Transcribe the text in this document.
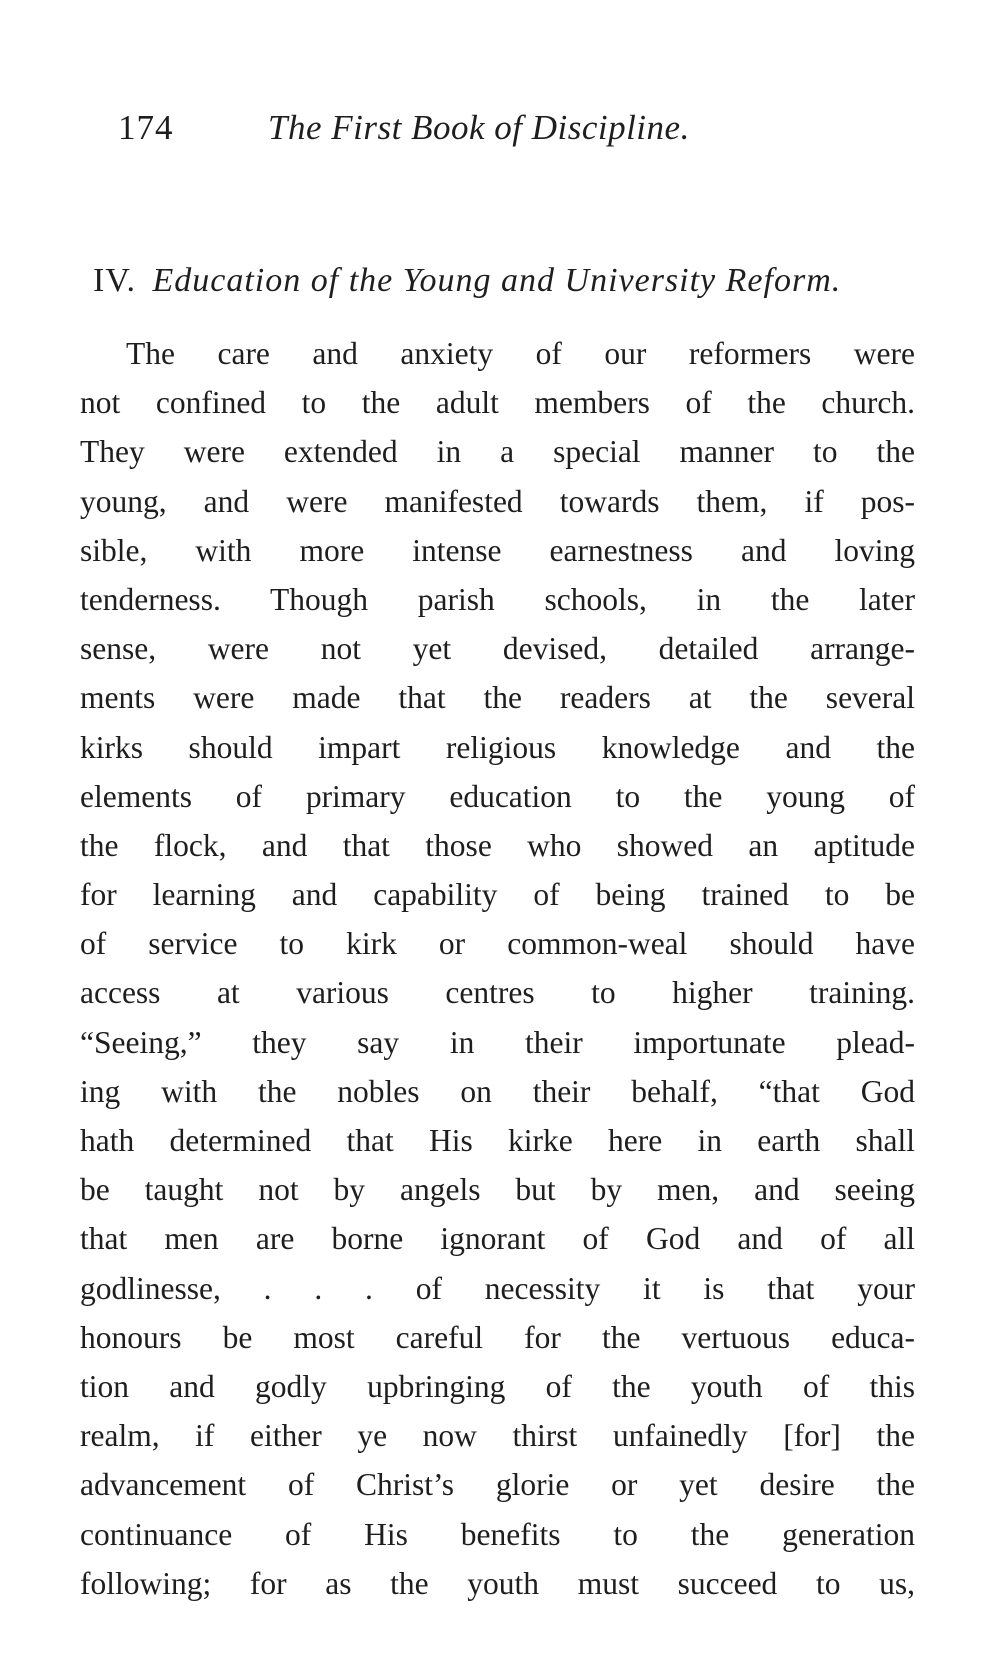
174	The First Book of Discipline.
IV. Education of the Young and University Reform.
The care and anxiety of our reformers were
not confined to the adult members of the church.
They were extended in a special manner to the
young, and were manifested towards them, if pos-
sible, with more intense earnestness and loving
tenderness. Though parish schools, in the later
sense, were not yet devised, detailed arrange-
ments were made that the readers at the several
kirks should impart religious knowledge and the
elements of primary education to the young of
the flock, and that those who showed an aptitude
for learning and capability of being trained to be
of service to kirk or common-weal should have
access at various centres to higher training.
“Seeing,” they say in their importunate plead-
ing with the nobles on their behalf, “that God
hath determined that His kirke here in earth shall
be taught not by angels but by men, and seeing
that men are borne ignorant of God and of all
godlinesse, . . . of necessity it is that your
honours be most careful for the vertuous educa-
tion and godly upbringing of the youth of this
realm, if either ye now thirst unfainedly [for] the
advancement of Christ’s glorie or yet desire the
continuance of His benefits to the generation
following; for as the youth must succeed to us,
